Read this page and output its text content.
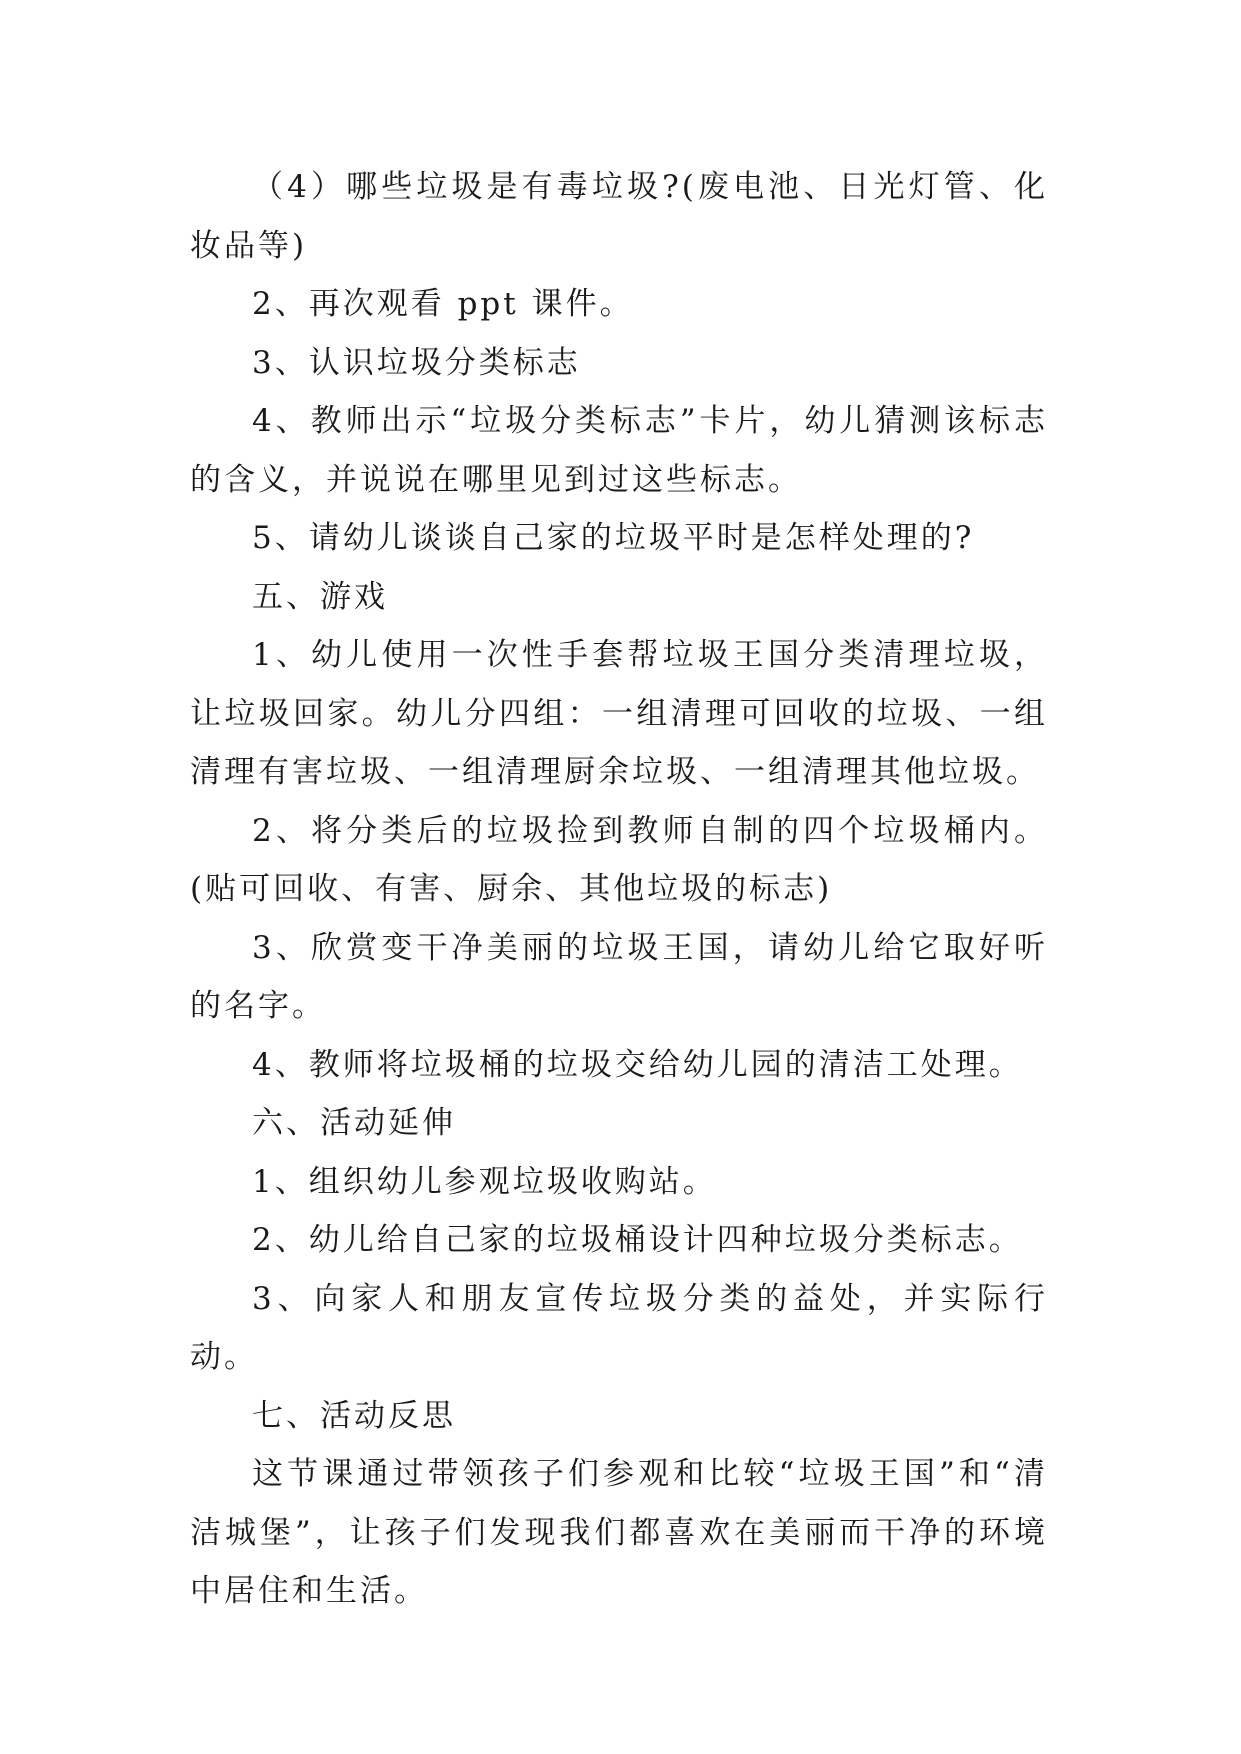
（4）哪些垃圾是有毒垃圾?(废电池、日光灯管、化妆品等)

2、再次观看 ppt 课件。

3、认识垃圾分类标志

4、教师出示“垃圾分类标志”卡片，幼儿猜测该标志的含义，并说说在哪里见到过这些标志。

5、请幼儿谈谈自己家的垃圾平时是怎样处理的?

五、游戏

1、幼儿使用一次性手套帮垃圾王国分类清理垃圾，让垃圾回家。幼儿分四组：一组清理可回收的垃圾、一组清理有害垃圾、一组清理厨余垃圾、一组清理其他垃圾。

2、将分类后的垃圾捡到教师自制的四个垃圾桶内。(贴可回收、有害、厨余、其他垃圾的标志)

3、欣赏变干净美丽的垃圾王国，请幼儿给它取好听的名字。

4、教师将垃圾桶的垃圾交给幼儿园的清洁工处理。

六、活动延伸

1、组织幼儿参观垃圾收购站。

2、幼儿给自己家的垃圾桶设计四种垃圾分类标志。

3、向家人和朋友宣传垃圾分类的益处，并实际行动。

七、活动反思

这节课通过带领孩子们参观和比较“垃圾王国”和“清洁城堡”，让孩子们发现我们都喜欢在美丽而干净的环境中居住和生活。
